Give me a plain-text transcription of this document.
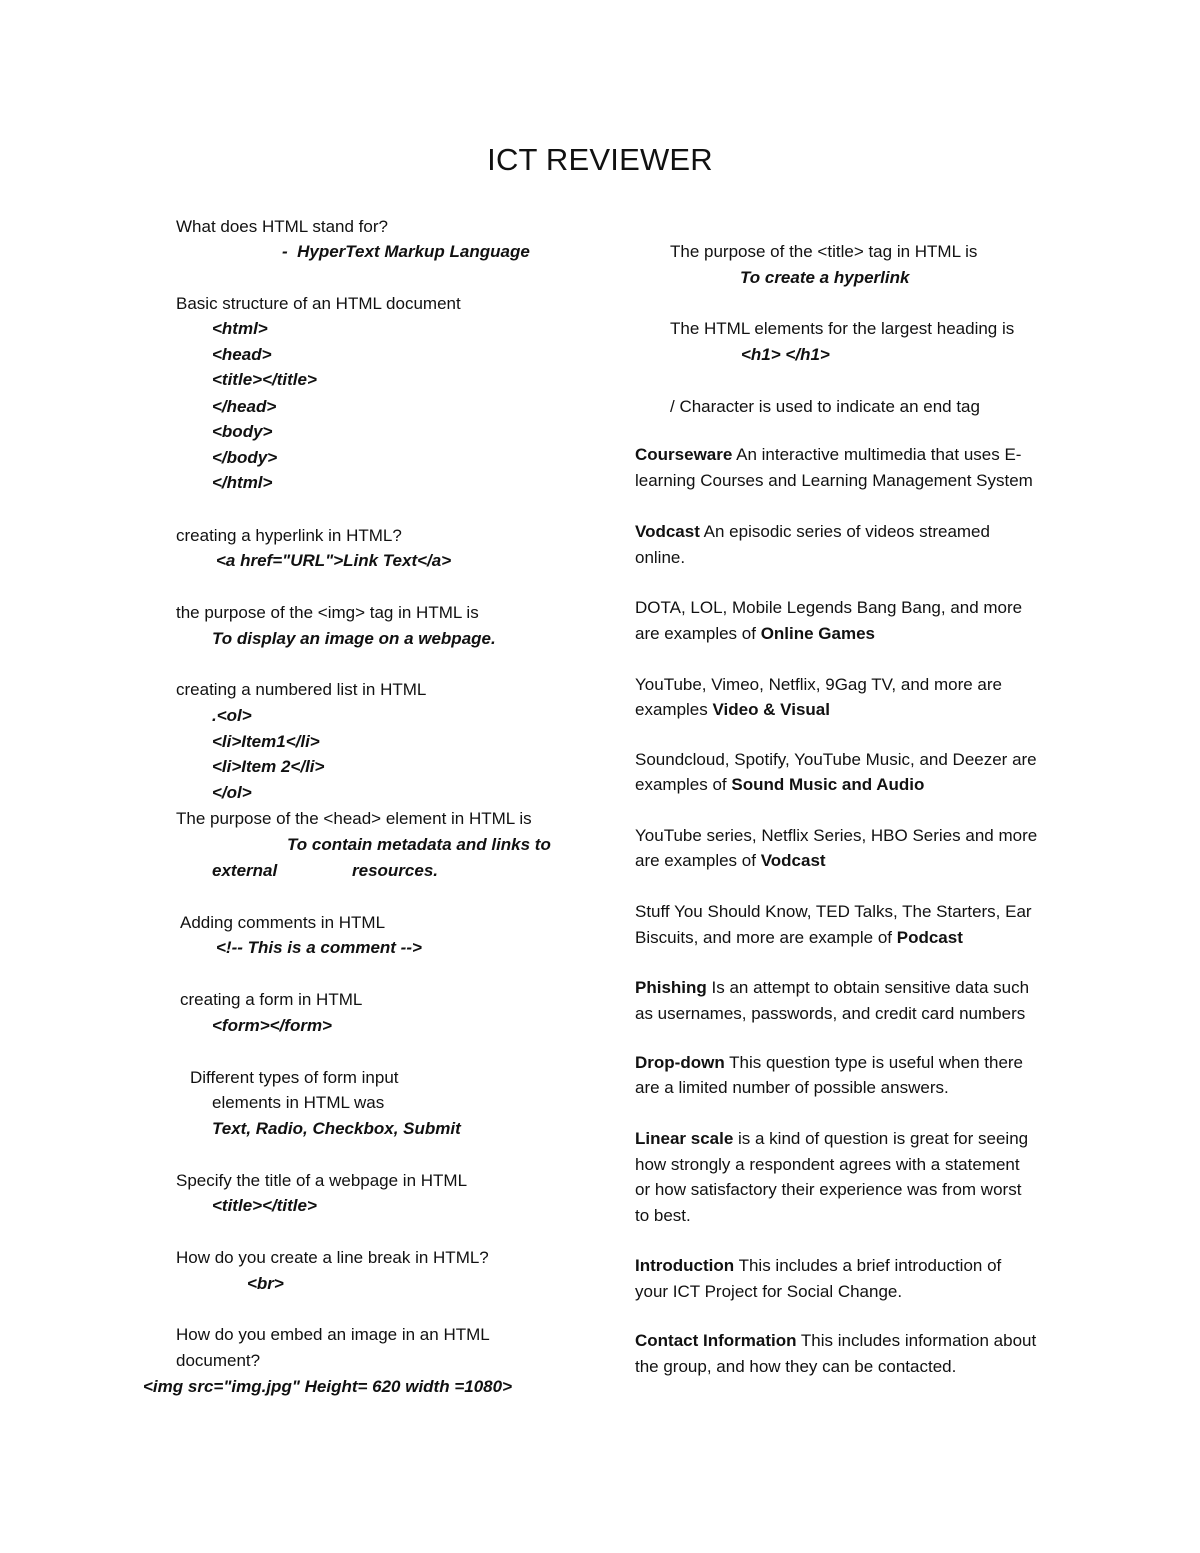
ICT REVIEWER
What does HTML stand for?
-  HyperText Markup Language
Basic structure of an HTML document
<html>
<head>
<title></title>
</head>
<body>
</body>
</html>
creating a hyperlink in HTML?
<a href="URL">Link Text</a>
the purpose of the <img> tag in HTML is
To display an image on a webpage.
creating a numbered list in HTML
.<ol>
<li>Item1</li>
<li>Item 2</li>
</ol>
The purpose of the <head> element in HTML is
To contain metadata and links to
external	resources.
Adding comments in HTML
<!-- This is a comment -->
creating a form in HTML
<form></form>
Different types of form input
elements in HTML was
Text, Radio, Checkbox, Submit
Specify the title of a webpage in HTML
<title></title>
How do you create a line break in HTML?
<br>
How do you embed an image in an HTML
document?
<img src="img.jpg" Height= 620 width =1080>
The purpose of the <title> tag in HTML is
To create a hyperlink
The HTML elements for the largest heading is
<h1> </h1>
/ Character is used to indicate an end tag
Courseware An interactive multimedia that uses E-
learning Courses and Learning Management System
Vodcast An episodic series of videos streamed
online.
DOTA, LOL, Mobile Legends Bang Bang, and more
are examples of Online Games
YouTube, Vimeo, Netflix, 9Gag TV, and more are
examples Video & Visual
Soundcloud, Spotify, YouTube Music, and Deezer are
examples of Sound Music and Audio
YouTube series, Netflix Series, HBO Series and more
are examples of Vodcast
Stuff You Should Know, TED Talks, The Starters, Ear
Biscuits, and more are example of Podcast
Phishing Is an attempt to obtain sensitive data such
as usernames, passwords, and credit card numbers
Drop-down This question type is useful when there
are a limited number of possible answers.
Linear scale is a kind of question is great for seeing
how strongly a respondent agrees with a statement
or how satisfactory their experience was from worst
to best.
Introduction This includes a brief introduction of
your ICT Project for Social Change.
Contact Information This includes information about
the group, and how they can be contacted.
